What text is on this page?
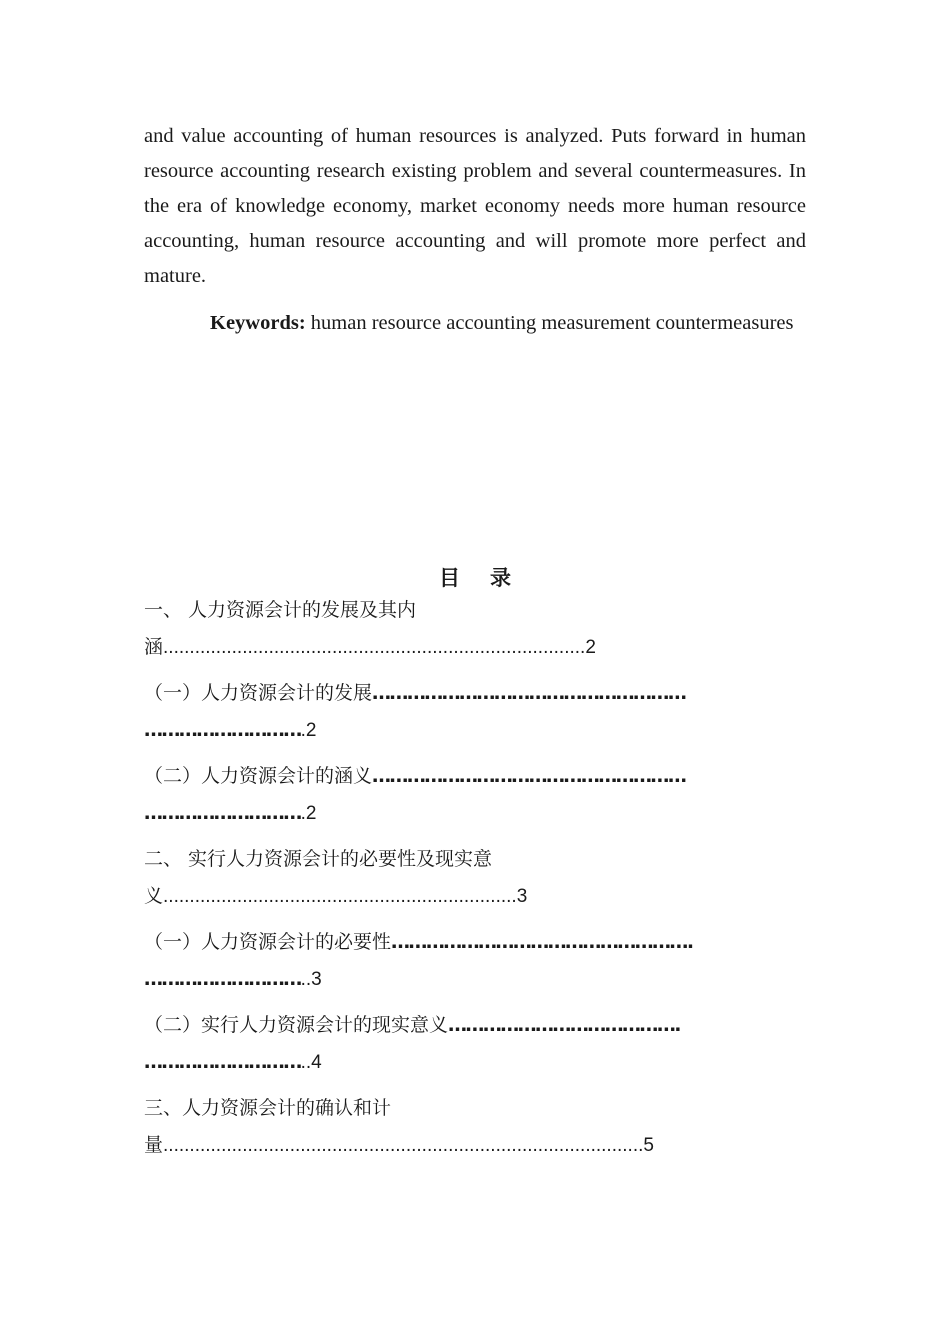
and value accounting of human resources is analyzed. Puts forward in human resource accounting research existing problem and several countermeasures. In the era of knowledge economy, market economy needs more human resource accounting, human resource accounting and will promote more perfect and mature.

Keywords: human resource accounting measurement countermeasures

目录
一、 人力资源会计的发展及其内
涵................................................................................2
（一）人力资源会计的发展………………………………………………
……………………….2
（二）人力资源会计的涵义………………………………………………
……………………….2
二、 实行人力资源会计的必要性及现实意
义...................................................................3
（一）人力资源会计的必要性…………………………………………….
………………………..3
（二）实行人力资源会计的现实意义………………………………….
………………………..4
三、人力资源会计的确认和计
量...........................................................................................5
